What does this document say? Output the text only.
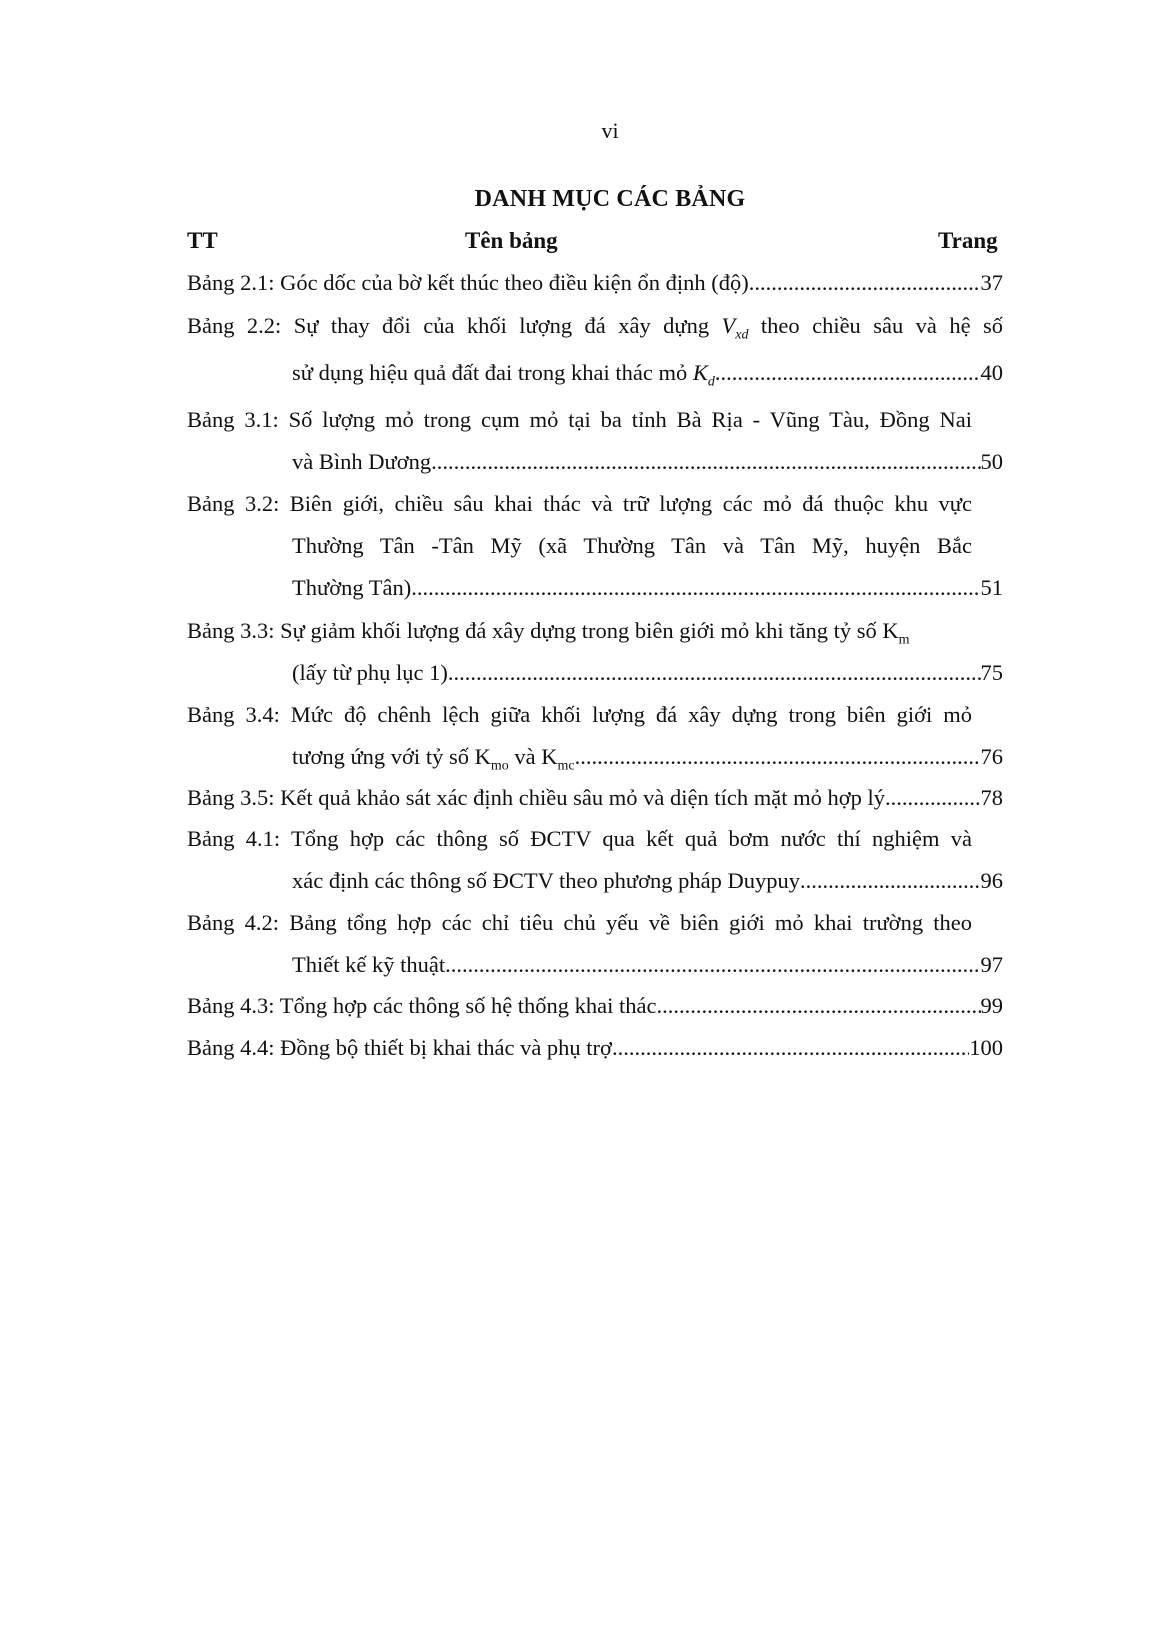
vi
DANH MỤC CÁC BẢNG
TT	Tên bảng	Trang
Bảng 2.1: Góc dốc của bờ kết thúc theo điều kiện ổn định (độ) .....	37
Bảng 2.2: Sự thay đổi của khối lượng đá xây dựng $V_{xd}$ theo chiều sâu và hệ số
sử dụng hiệu quả đất đai trong khai thác mỏ $K_d$ .....	40
Bảng 3.1: Số lượng mỏ trong cụm mỏ tại ba tỉnh Bà Rịa - Vũng Tàu, Đồng Nai
và Bình Dương .....	50
Bảng 3.2: Biên giới, chiều sâu khai thác và trữ lượng các mỏ đá thuộc khu vực
Thường Tân -Tân Mỹ (xã Thường Tân và Tân Mỹ, huyện Bắc
Thường Tân) .....	51
Bảng 3.3: Sự giảm khối lượng đá xây dựng trong biên giới mỏ khi tăng tỷ số $K_m$
(lấy từ phụ lục 1) .....	75
Bảng 3.4: Mức độ chênh lệch giữa khối lượng đá xây dựng trong biên giới mỏ
tương ứng với tỷ số $K_{mo}$ và $K_{mc}$. .....	76
Bảng 3.5: Kết quả khảo sát xác định chiều sâu mỏ và diện tích mặt mỏ hợp lý .....	78
Bảng 4.1: Tổng hợp các thông số ĐCTV qua kết quả bơm nước thí nghiệm và
xác định các thông số ĐCTV theo phương pháp Duypuy .....	96
Bảng 4.2: Bảng tổng hợp các chỉ tiêu chủ yếu về biên giới mỏ khai trường theo
Thiết kế kỹ thuật .....	97
Bảng 4.3: Tổng hợp các thông số hệ thống khai thác .....	99
Bảng 4.4: Đồng bộ thiết bị khai thác và phụ trợ .....	100
